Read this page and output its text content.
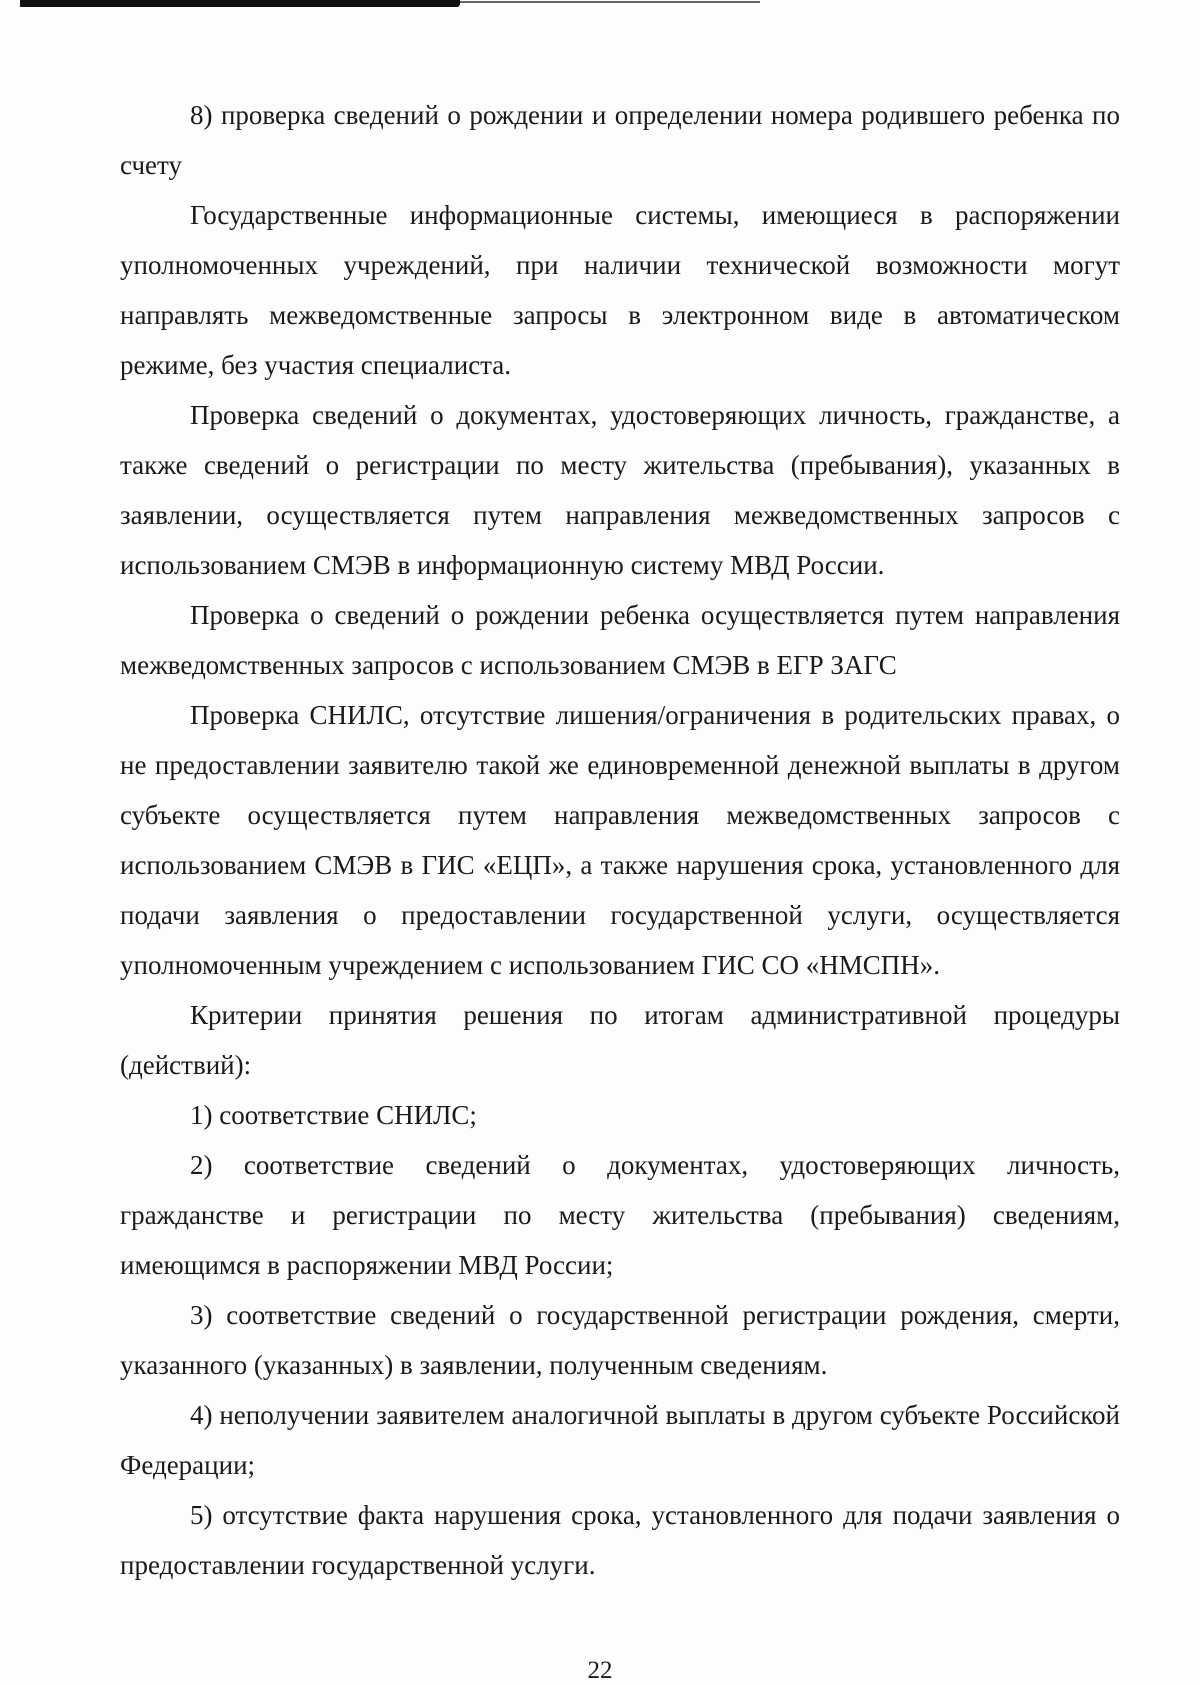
8) проверка сведений о рождении и определении номера родившего ребенка по счету

Государственные информационные системы, имеющиеся в распоряжении уполномоченных учреждений, при наличии технической возможности могут направлять межведомственные запросы в электронном виде в автоматическом режиме, без участия специалиста.

Проверка сведений о документах, удостоверяющих личность, гражданстве, а также сведений о регистрации по месту жительства (пребывания), указанных в заявлении, осуществляется путем направления межведомственных запросов с использованием СМЭВ в информационную систему МВД России.

Проверка о сведений о рождении ребенка осуществляется путем направления межведомственных запросов с использованием СМЭВ в ЕГР ЗАГС

Проверка СНИЛС, отсутствие лишения/ограничения в родительских правах, о не предоставлении заявителю такой же единовременной денежной выплаты в другом субъекте осуществляется путем направления межведомственных запросов с использованием СМЭВ в ГИС «ЕЦП», а также нарушения срока, установленного для подачи заявления о предоставлении государственной услуги, осуществляется уполномоченным учреждением с использованием ГИС СО «НМСПН».

Критерии принятия решения по итогам административной процедуры (действий):

1) соответствие СНИЛС;

2) соответствие сведений о документах, удостоверяющих личность, гражданстве и регистрации по месту жительства (пребывания) сведениям, имеющимся в распоряжении МВД России;

3) соответствие сведений о государственной регистрации рождения, смерти, указанного (указанных) в заявлении, полученным сведениям.

4) неполучении заявителем аналогичной выплаты в другом субъекте Российской Федерации;

5) отсутствие факта нарушения срока, установленного для подачи заявления о предоставлении государственной услуги.

22
